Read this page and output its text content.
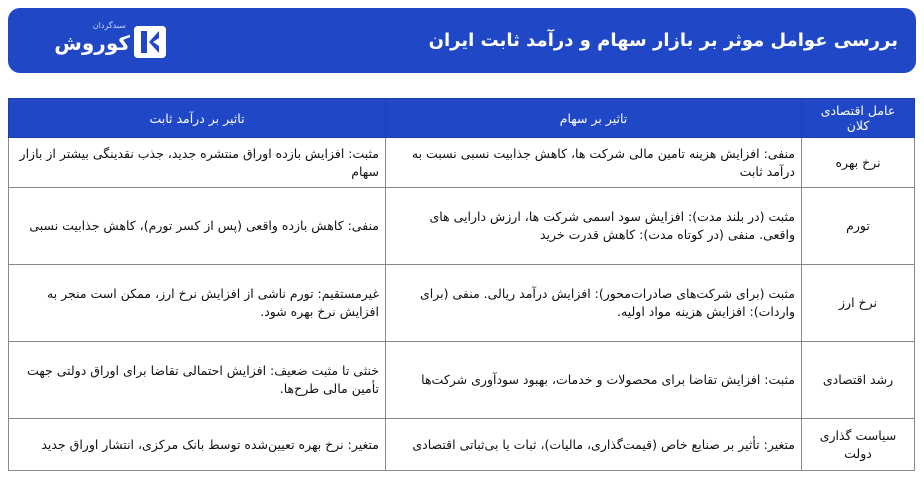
بررسی عوامل موثر بر بازار سهام و درآمد ثابت ایران
سبدگردان
کوروش
عامل اقتصادی کلان	تاثیر بر سهام	تاثیر بر درآمد ثابت
نرخ بهره	منفی: افزایش هزینه تامین مالی شرکت ها، کاهش جذابیت نسبی نسبت به درآمد ثابت	مثبت: افزایش بازده اوراق منتشره جدید، جذب نقدینگی بیشتر از بازار سهام
تورم	مثبت (در بلند مدت): افزایش سود اسمی شرکت ها، ارزش دارایی های واقعی. منفی (در کوتاه مدت): کاهش قدرت خرید	منفی: کاهش بازده واقعی (پس از کسر تورم)، کاهش جذابیت نسبی
نرخ ارز	مثبت (برای شرکت‌های صادرات‌محور): افزایش درآمد ریالی. منفی (برای واردات): افزایش هزینه مواد اولیه.	غیرمستقیم: تورم ناشی از افزایش نرخ ارز، ممکن است منجر به افزایش نرخ بهره شود.
رشد اقتصادی	مثبت: افزایش تقاضا برای محصولات و خدمات، بهبود سودآوری شرکت‌ها	خنثی تا مثبت ضعیف: افزایش احتمالی تقاضا برای اوراق دولتی جهت تأمین مالی طرح‌ها.
سیاست گذاری دولت	متغیر: تأثیر بر صنایع خاص (قیمت‌گذاری، مالیات)، ثبات یا بی‌ثباتی اقتصادی	متغیر: نرخ بهره تعیین‌شده توسط بانک مرکزی، انتشار اوراق جدید
